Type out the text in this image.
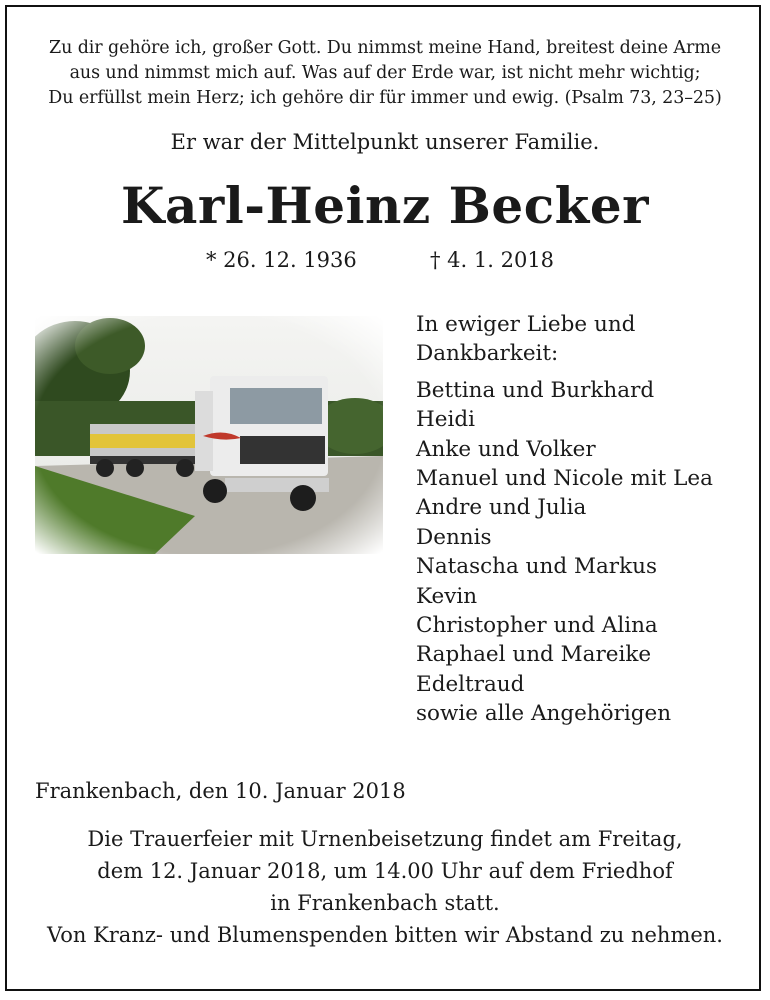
Zu dir gehöre ich, großer Gott. Du nimmst meine Hand, breitest deine Arme
aus und nimmst mich auf. Was auf der Erde war, ist nicht mehr wichtig;
Du erfüllst mein Herz; ich gehöre dir für immer und ewig. (Psalm 73, 23–25)
Er war der Mittelpunkt unserer Familie.
Karl-Heinz Becker
* 26. 12. 1936	† 4. 1. 2018
In ewiger Liebe und
Dankbarkeit:
Bettina und Burkhard
Heidi
Anke und Volker
Manuel und Nicole mit Lea
Andre und Julia
Dennis
Natascha und Markus
Kevin
Christopher und Alina
Raphael und Mareike
Edeltraud
sowie alle Angehörigen
Frankenbach, den 10. Januar 2018
Die Trauerfeier mit Urnenbeisetzung findet am Freitag,
dem 12. Januar 2018, um 14.00 Uhr auf dem Friedhof
in Frankenbach statt.
Von Kranz- und Blumenspenden bitten wir Abstand zu nehmen.
